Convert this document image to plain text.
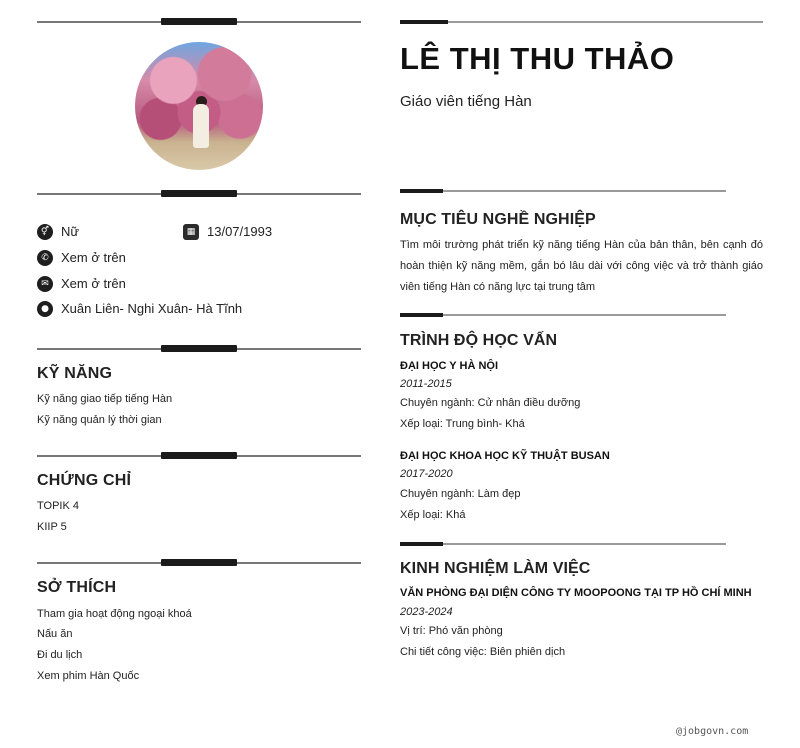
⚥ Nữ	▦ 13/07/1993
✆ Xem ở trên
✉ Xem ở trên
● Xuân Liên- Nghi Xuân- Hà Tĩnh
KỸ NĂNG
Kỹ năng giao tiếp tiếng Hàn
Kỹ năng quản lý thời gian
CHỨNG CHỈ
TOPIK 4
KIIP 5
SỞ THÍCH
Tham gia hoạt động ngoại khoá
Nấu ăn
Đi du lịch
Xem phim Hàn Quốc
LÊ THỊ THU THẢO
Giáo viên tiếng Hàn
MỤC TIÊU NGHỀ NGHIỆP
Tìm môi trường phát triển kỹ năng tiếng Hàn của bản thân, bên cạnh đó hoàn thiện kỹ năng mềm, gắn bó lâu dài với công việc và trở thành giáo viên tiếng Hàn có năng lực tại trung tâm
TRÌNH ĐỘ HỌC VẤN
ĐẠI HỌC Y HÀ NỘI
2011-2015
Chuyên ngành: Cử nhân điều dưỡng
Xếp loại: Trung bình- Khá
ĐẠI HỌC KHOA HỌC KỸ THUẬT BUSAN
2017-2020
Chuyên ngành: Làm đẹp
Xếp loại: Khá
KINH NGHIỆM LÀM VIỆC
VĂN PHÒNG ĐẠI DIỆN CÔNG TY MOOPOONG TẠI TP HỒ CHÍ MINH
2023-2024
Vị trí: Phó văn phòng
Chi tiết công việc: Biên phiên dịch
@jobgovn.com
